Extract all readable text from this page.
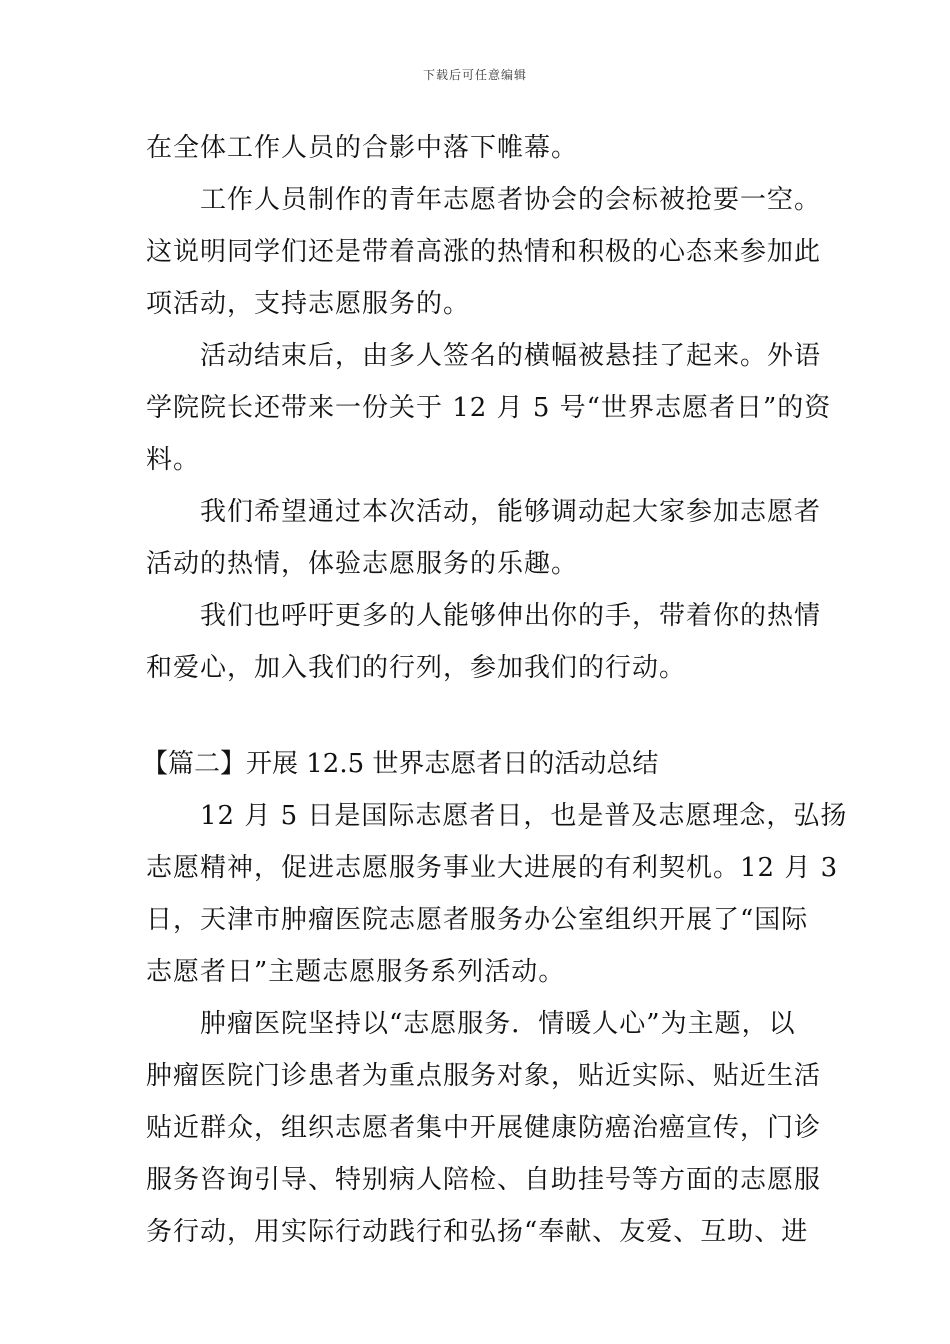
下载后可任意编辑
在全体工作人员的合影中落下帷幕。
工作人员制作的青年志愿者协会的会标被抢要一空。
这说明同学们还是带着高涨的热情和积极的心态来参加此
项活动，支持志愿服务的。
活动结束后，由多人签名的横幅被悬挂了起来。外语
学院院长还带来一份关于 12 月 5 号“世界志愿者日”的资
料。
我们希望通过本次活动，能够调动起大家参加志愿者
活动的热情，体验志愿服务的乐趣。
我们也呼吁更多的人能够伸出你的手，带着你的热情
和爱心，加入我们的行列，参加我们的行动。
【篇二】开展 12.5 世界志愿者日的活动总结
12 月 5 日是国际志愿者日，也是普及志愿理念，弘扬
志愿精神，促进志愿服务事业大进展的有利契机。12 月 3
日，天津市肿瘤医院志愿者服务办公室组织开展了“国际
志愿者日”主题志愿服务系列活动。
肿瘤医院坚持以“志愿服务．情暖人心”为主题，以
肿瘤医院门诊患者为重点服务对象，贴近实际、贴近生活
贴近群众，组织志愿者集中开展健康防癌治癌宣传，门诊
服务咨询引导、特别病人陪检、自助挂号等方面的志愿服
务行动，用实际行动践行和弘扬“奉献、友爱、互助、进
